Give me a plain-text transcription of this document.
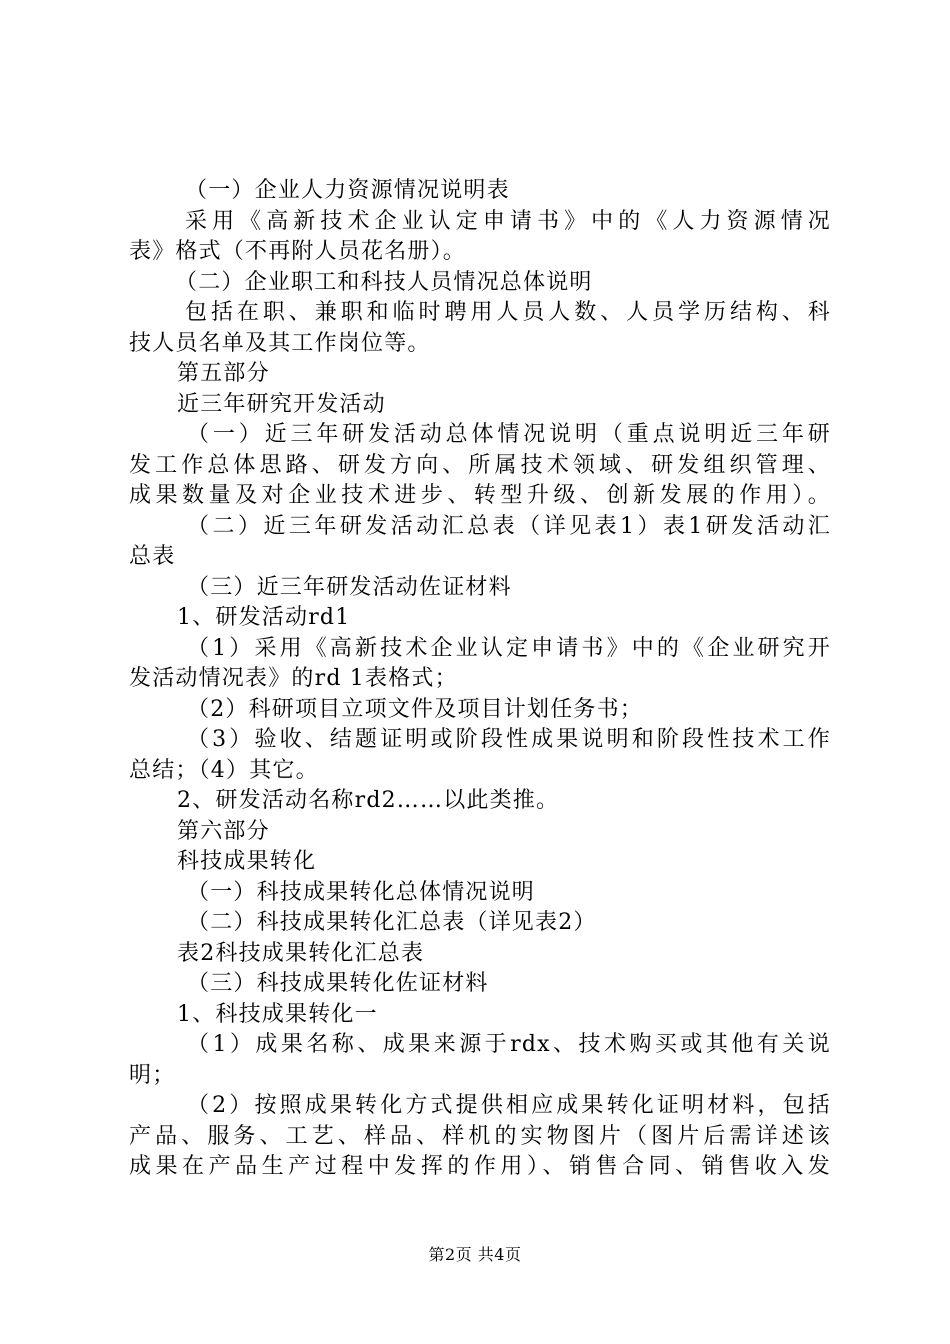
（一）企业人力资源情况说明表
采用《高新技术企业认定申请书》中的《人力资源情况
表》格式（不再附人员花名册）。
（二）企业职工和科技人员情况总体说明
包括在职、兼职和临时聘用人员人数、人员学历结构、科
技人员名单及其工作岗位等。
第五部分
近三年研究开发活动
（一）近三年研发活动总体情况说明（重点说明近三年研
发工作总体思路、研发方向、所属技术领域、研发组织管理、
成果数量及对企业技术进步、转型升级、创新发展的作用）。
（二）近三年研发活动汇总表（详见表1）表1研发活动汇
总表
（三）近三年研发活动佐证材料
1、研发活动rd1
（1）采用《高新技术企业认定申请书》中的《企业研究开
发活动情况表》的rd 1表格式；
（2）科研项目立项文件及项目计划任务书；
（3）验收、结题证明或阶段性成果说明和阶段性技术工作
总结；（4）其它。
2、研发活动名称rd2……以此类推。
第六部分
科技成果转化
（一）科技成果转化总体情况说明
（二）科技成果转化汇总表（详见表2）
表2科技成果转化汇总表
（三）科技成果转化佐证材料
1、科技成果转化一
（1）成果名称、成果来源于rdx、技术购买或其他有关说
明；
（2）按照成果转化方式提供相应成果转化证明材料，包括
产品、服务、工艺、样品、样机的实物图片（图片后需详述该
成果在产品生产过程中发挥的作用）、销售合同、销售收入发
第2页 共4页
